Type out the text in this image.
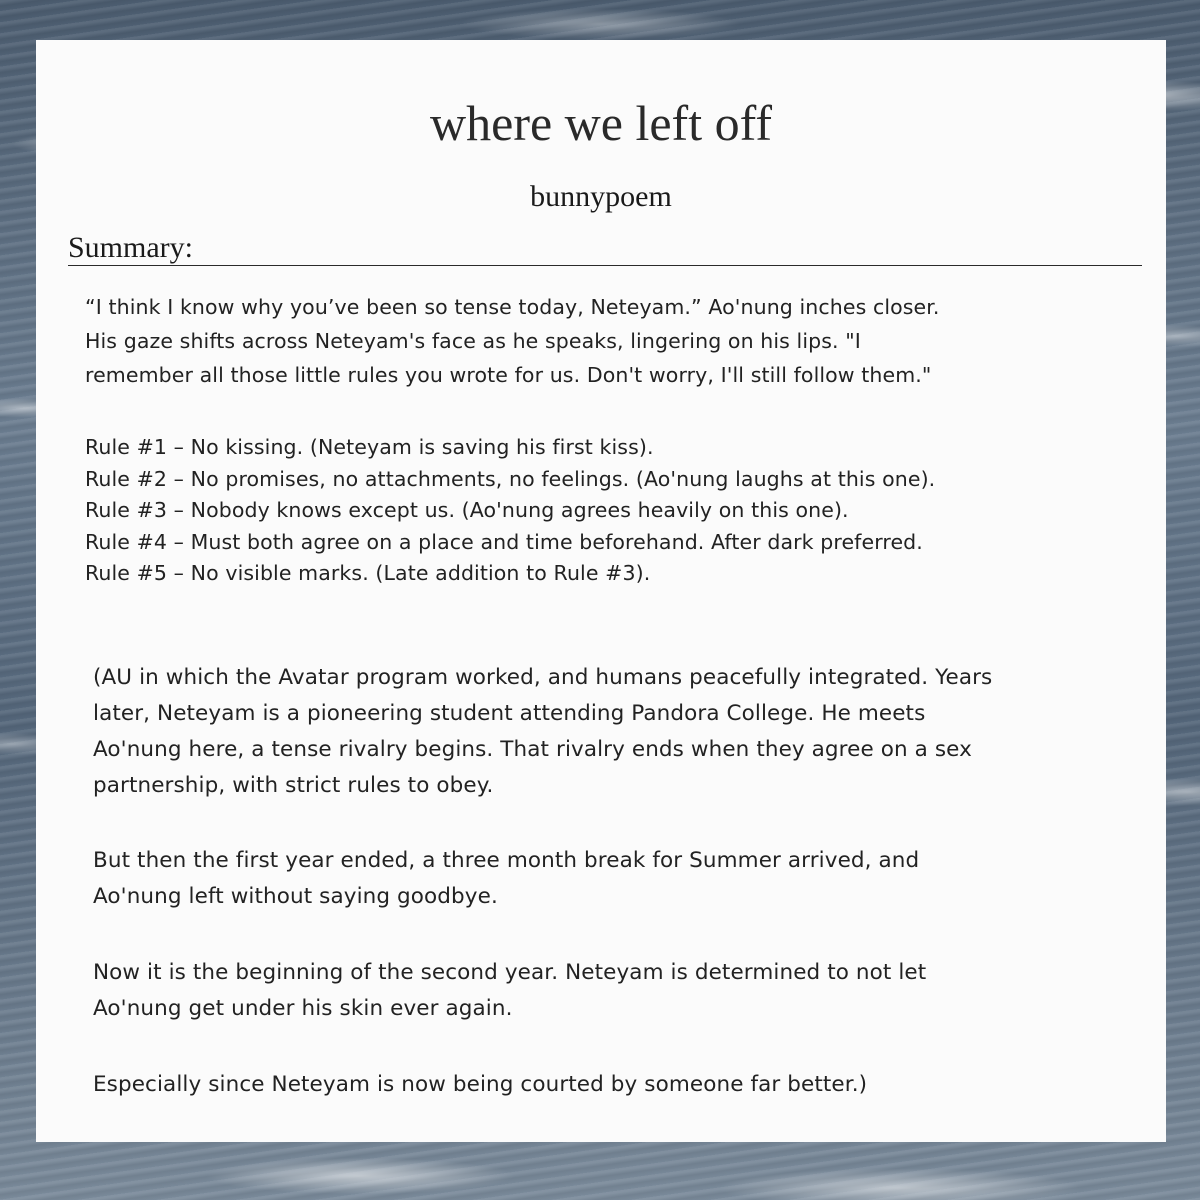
where we left off
bunnypoem
Summary:
“I think I know why you’ve been so tense today, Neteyam.” Ao'nung inches closer.
His gaze shifts across Neteyam's face as he speaks, lingering on his lips. "I
remember all those little rules you wrote for us. Don't worry, I'll still follow them."
Rule #1 – No kissing. (Neteyam is saving his first kiss).
Rule #2 – No promises, no attachments, no feelings. (Ao'nung laughs at this one).
Rule #3 – Nobody knows except us. (Ao'nung agrees heavily on this one).
Rule #4 – Must both agree on a place and time beforehand. After dark preferred.
Rule #5 – No visible marks. (Late addition to Rule #3).
(AU in which the Avatar program worked, and humans peacefully integrated. Years
later, Neteyam is a pioneering student attending Pandora College. He meets
Ao'nung here, a tense rivalry begins. That rivalry ends when they agree on a sex
partnership, with strict rules to obey.
But then the first year ended, a three month break for Summer arrived, and
Ao'nung left without saying goodbye.
Now it is the beginning of the second year. Neteyam is determined to not let
Ao'nung get under his skin ever again.
Especially since Neteyam is now being courted by someone far better.)
